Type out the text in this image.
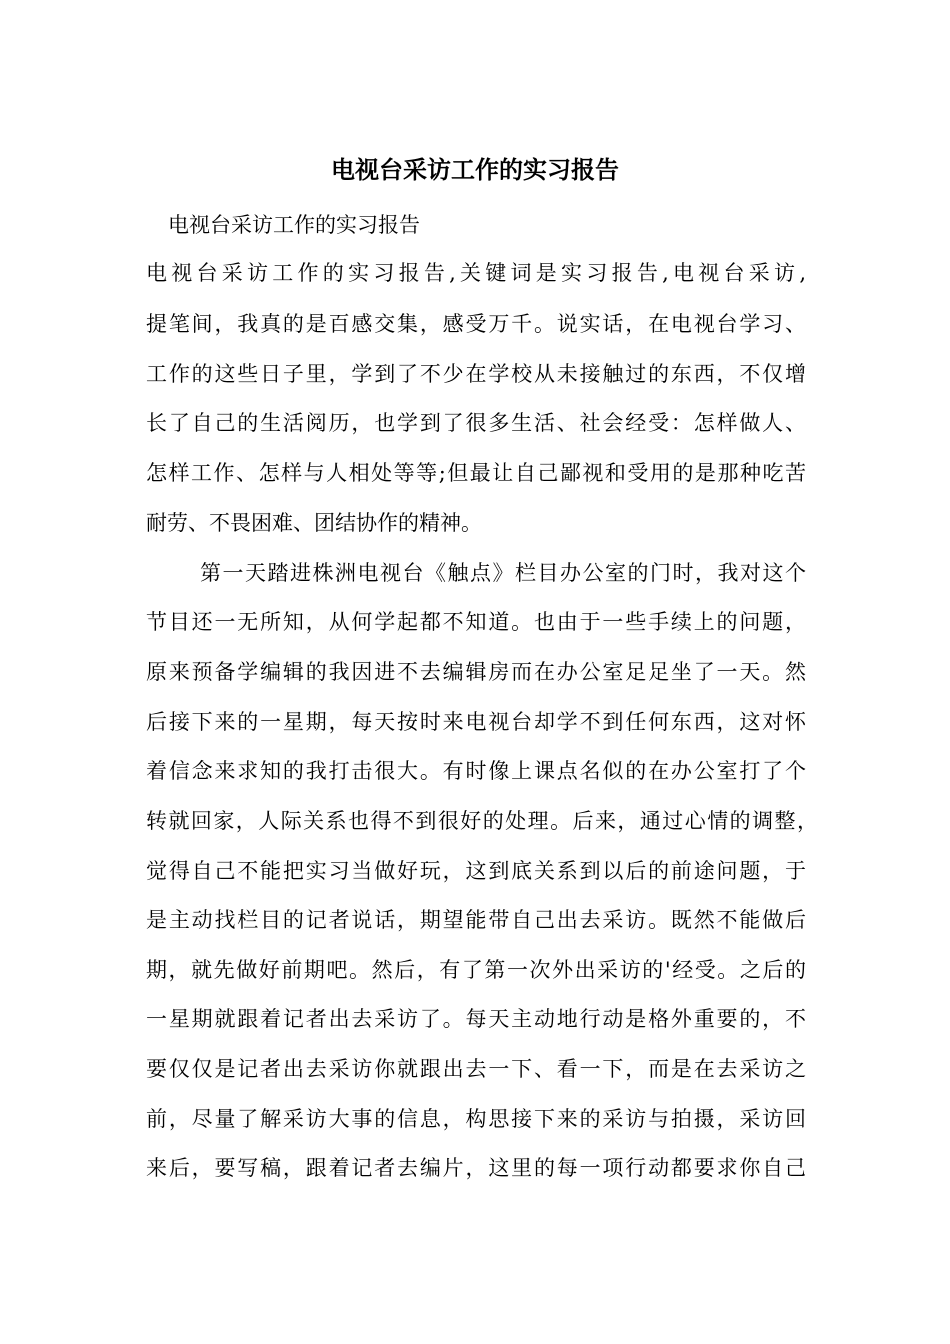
电视台采访工作的实习报告

电视台采访工作的实习报告

电视台采访工作的实习报告,关键词是实习报告,电视台采访,

提笔间，我真的是百感交集，感受万千。说实话，在电视台学习、

工作的这些日子里，学到了不少在学校从未接触过的东西，不仅增

长了自己的生活阅历，也学到了很多生活、社会经受：怎样做人、

怎样工作、怎样与人相处等等;但最让自己鄙视和受用的是那种吃苦

耐劳、不畏困难、团结协作的精神。

第一天踏进株洲电视台《触点》栏目办公室的门时，我对这个

节目还一无所知，从何学起都不知道。也由于一些手续上的问题，

原来预备学编辑的我因进不去编辑房而在办公室足足坐了一天。然

后接下来的一星期，每天按时来电视台却学不到任何东西，这对怀

着信念来求知的我打击很大。有时像上课点名似的在办公室打了个

转就回家，人际关系也得不到很好的处理。后来，通过心情的调整，

觉得自己不能把实习当做好玩，这到底关系到以后的前途问题，于

是主动找栏目的记者说话，期望能带自己出去采访。既然不能做后

期，就先做好前期吧。然后，有了第一次外出采访的'经受。之后的

一星期就跟着记者出去采访了。每天主动地行动是格外重要的，不

要仅仅是记者出去采访你就跟出去一下、看一下，而是在去采访之

前，尽量了解采访大事的信息，构思接下来的采访与拍摄，采访回

来后，要写稿，跟着记者去编片，这里的每一项行动都要求你自己
